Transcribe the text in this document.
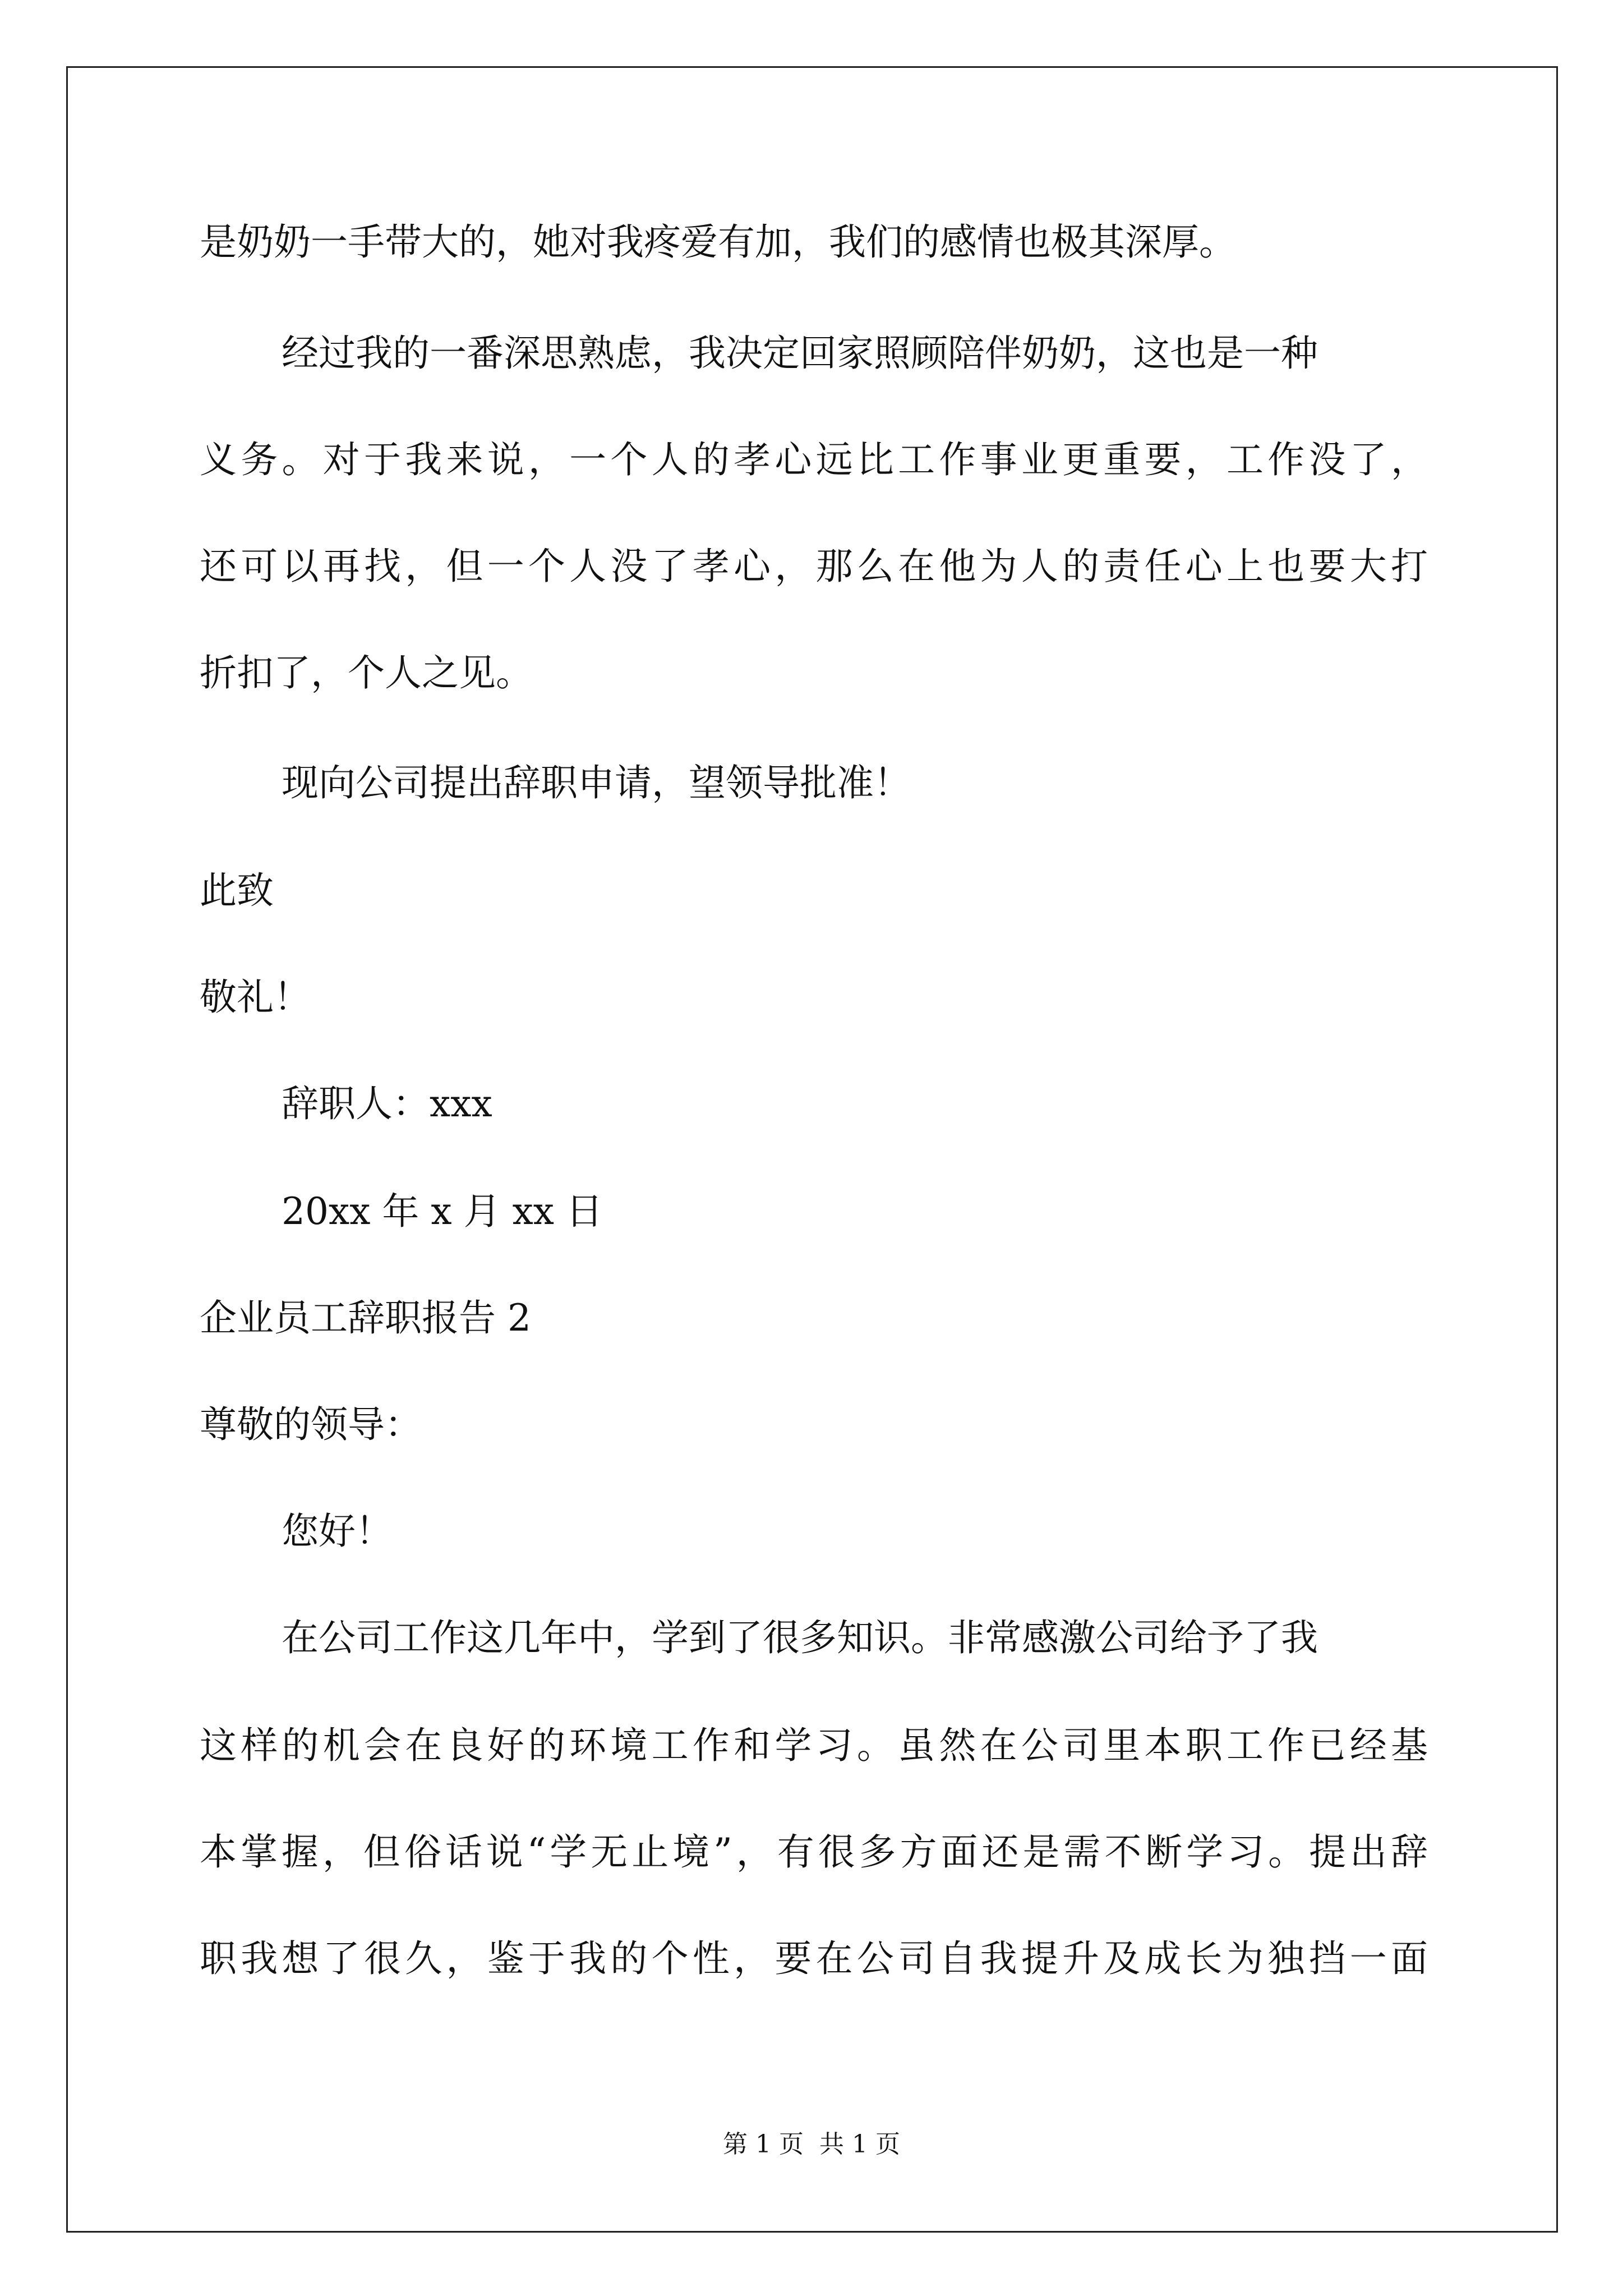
是奶奶一手带大的，她对我疼爱有加，我们的感情也极其深厚。
经过我的一番深思熟虑，我决定回家照顾陪伴奶奶，这也是一种
义务。对于我来说，一个人的孝心远比工作事业更重要，工作没了，
还可以再找，但一个人没了孝心，那么在他为人的责任心上也要大打
折扣了，个人之见。
现向公司提出辞职申请，望领导批准！
此致
敬礼！
辞职人：xxx
20xx 年 x 月 xx 日
企业员工辞职报告 2
尊敬的领导：
您好！
在公司工作这几年中，学到了很多知识。非常感激公司给予了我
这样的机会在良好的环境工作和学习。虽然在公司里本职工作已经基
本掌握，但俗话说“学无止境”，有很多方面还是需不断学习。提出辞
职我想了很久，鉴于我的个性，要在公司自我提升及成长为独挡一面
第 1 页 共 1 页
